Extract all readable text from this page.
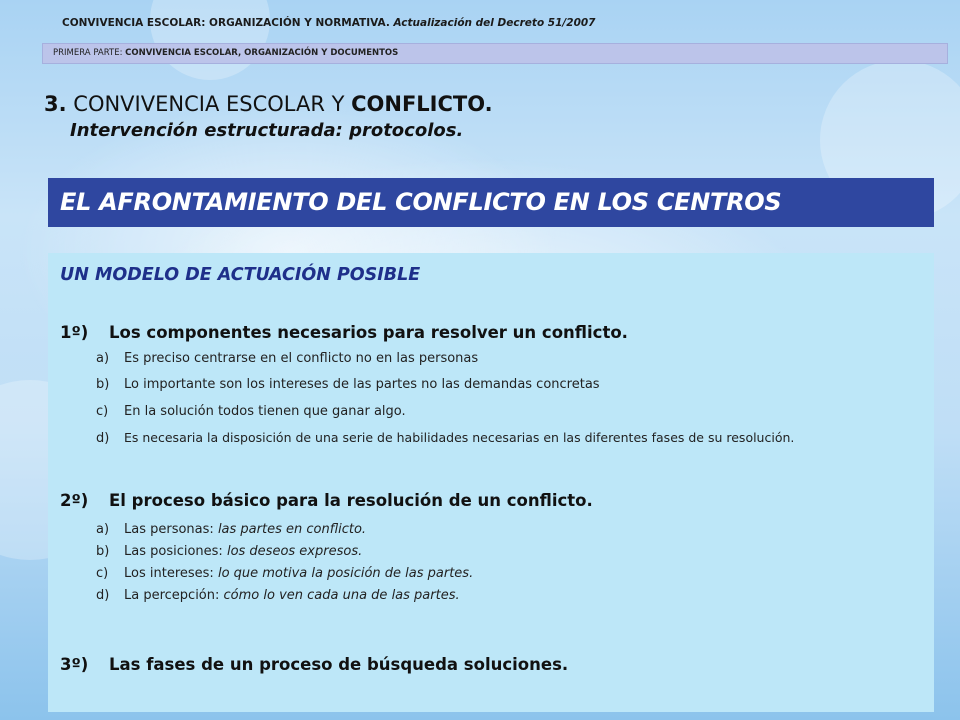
CONVIVENCIA ESCOLAR: ORGANIZACIÓN Y NORMATIVA. Actualización del Decreto 51/2007
PRIMERA PARTE: CONVIVENCIA ESCOLAR, ORGANIZACIÓN Y DOCUMENTOS
3. CONVIVENCIA ESCOLAR Y CONFLICTO.
Intervención estructurada: protocolos.
EL AFRONTAMIENTO DEL CONFLICTO EN LOS CENTROS
UN MODELO DE ACTUACIÓN POSIBLE
1º) Los componentes necesarios para resolver un conflicto.
a) Es preciso centrarse en el conflicto no en las personas
b) Lo importante son los intereses de las partes no las demandas concretas
c) En la solución todos tienen que ganar algo.
d) Es necesaria la disposición de una serie de habilidades necesarias en las diferentes fases de su resolución.
2º) El proceso básico para la resolución de un conflicto.
a) Las personas: las partes en conflicto.
b) Las posiciones: los deseos expresos.
c) Los intereses: lo que motiva la posición de las partes.
d) La percepción: cómo lo ven cada una de las partes.
3º) Las fases de un proceso de búsqueda soluciones.
